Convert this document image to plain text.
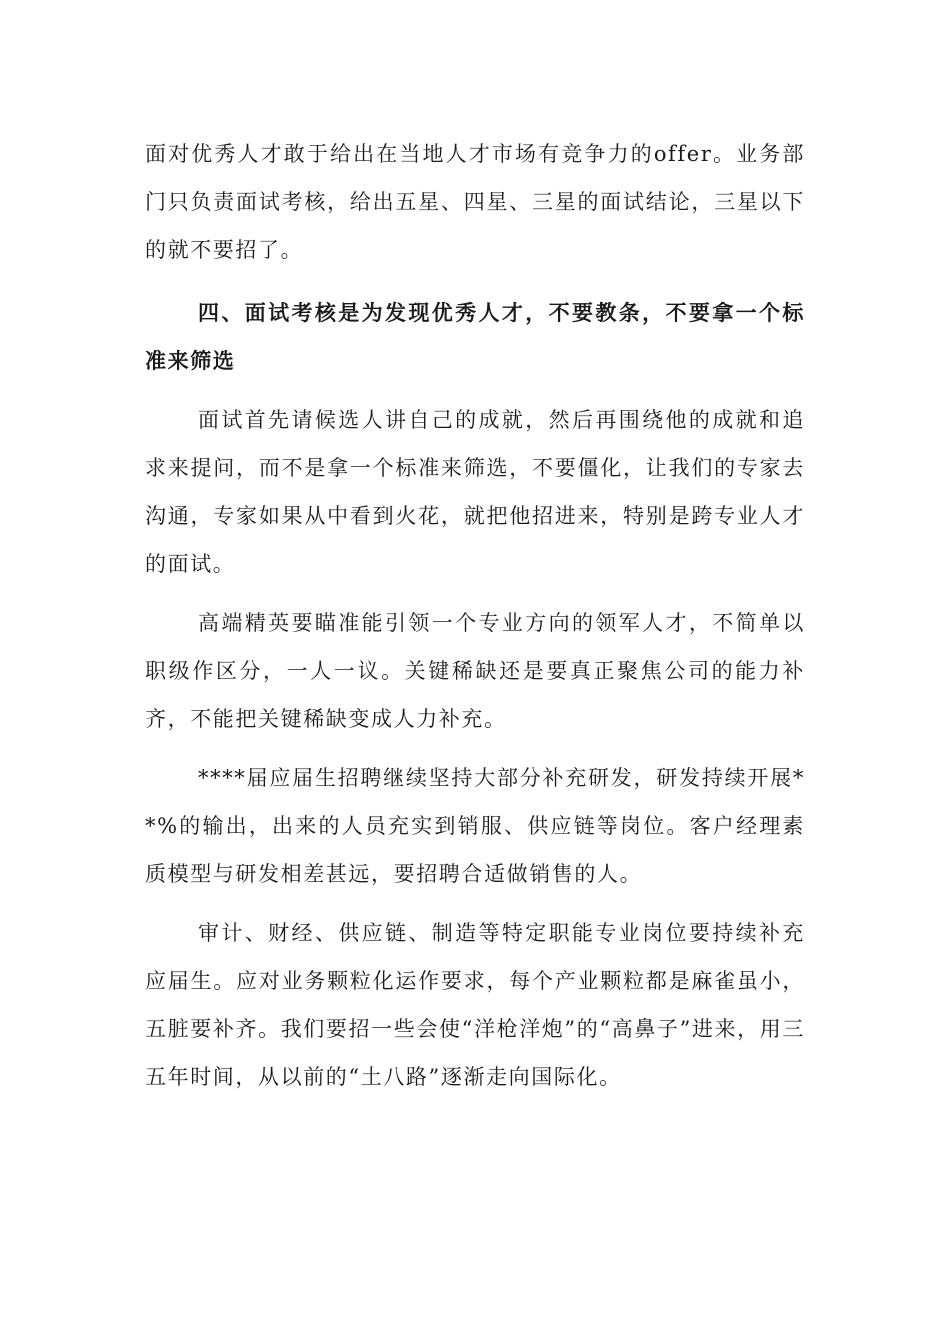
面对优秀人才敢于给出在当地人才市场有竞争力的offer。业务部门只负责面试考核，给出五星、四星、三星的面试结论，三星以下的就不要招了。

四、面试考核是为发现优秀人才，不要教条，不要拿一个标准来筛选

面试首先请候选人讲自己的成就，然后再围绕他的成就和追求来提问，而不是拿一个标准来筛选，不要僵化，让我们的专家去沟通，专家如果从中看到火花，就把他招进来，特别是跨专业人才的面试。

高端精英要瞄准能引领一个专业方向的领军人才，不简单以职级作区分，一人一议。关键稀缺还是要真正聚焦公司的能力补齐，不能把关键稀缺变成人力补充。

****届应届生招聘继续坚持大部分补充研发，研发持续开展**%的输出，出来的人员充实到销服、供应链等岗位。客户经理素质模型与研发相差甚远，要招聘合适做销售的人。

审计、财经、供应链、制造等特定职能专业岗位要持续补充应届生。应对业务颗粒化运作要求，每个产业颗粒都是麻雀虽小，五脏要补齐。我们要招一些会使“洋枪洋炮”的“高鼻子”进来，用三五年时间，从以前的“土八路”逐渐走向国际化。
